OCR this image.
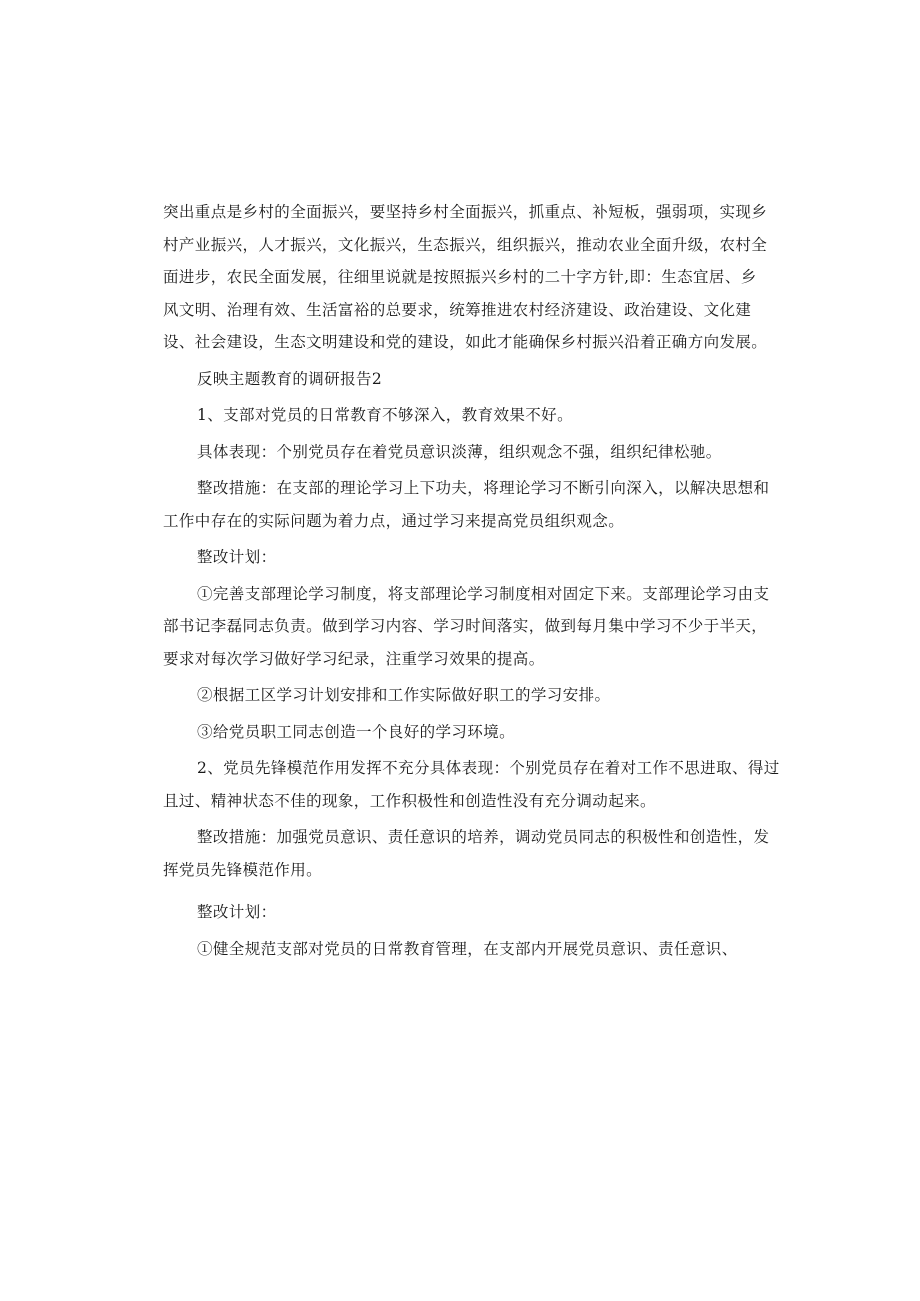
突出重点是乡村的全面振兴，要坚持乡村全面振兴，抓重点、补短板，强弱项，实现乡
村产业振兴，人才振兴，文化振兴，生态振兴，组织振兴，推动农业全面升级，农村全
面进步，农民全面发展，往细里说就是按照振兴乡村的二十字方针,即：生态宜居、乡
风文明、治理有效、生活富裕的总要求，统筹推进农村经济建设、政治建设、文化建
设、社会建设，生态文明建设和党的建设，如此才能确保乡村振兴沿着正确方向发展。
反映主题教育的调研报告2
1、支部对党员的日常教育不够深入，教育效果不好。
具体表现：个别党员存在着党员意识淡薄，组织观念不强，组织纪律松驰。
整改措施：在支部的理论学习上下功夫，将理论学习不断引向深入，以解决思想和
工作中存在的实际问题为着力点，通过学习来提高党员组织观念。
整改计划：
①完善支部理论学习制度，将支部理论学习制度相对固定下来。支部理论学习由支
部书记李磊同志负责。做到学习内容、学习时间落实，做到每月集中学习不少于半天，
要求对每次学习做好学习纪录，注重学习效果的提高。
②根据工区学习计划安排和工作实际做好职工的学习安排。
③给党员职工同志创造一个良好的学习环境。
2、党员先锋模范作用发挥不充分具体表现：个别党员存在着对工作不思进取、得过
且过、精神状态不佳的现象，工作积极性和创造性没有充分调动起来。
整改措施：加强党员意识、责任意识的培养，调动党员同志的积极性和创造性，发
挥党员先锋模范作用。
整改计划：
①健全规范支部对党员的日常教育管理，在支部内开展党员意识、责任意识、
